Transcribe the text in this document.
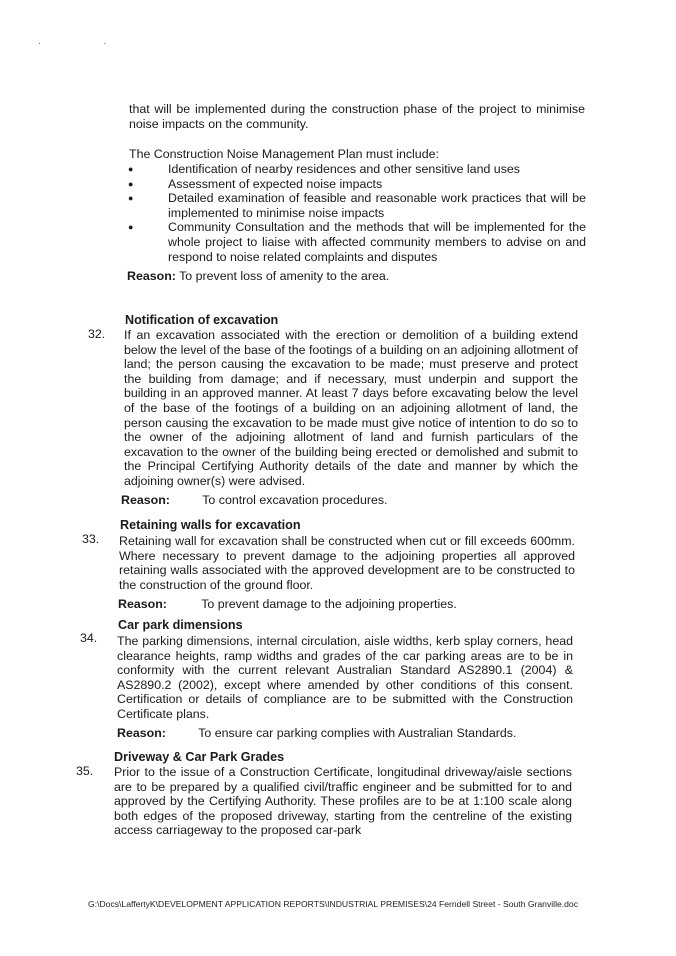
. .
that will be implemented during the construction phase of the project to minimise noise impacts on the community.
The Construction Noise Management Plan must include:
●	Identification of nearby residences and other sensitive land uses
●	Assessment of expected noise impacts
●	Detailed examination of feasible and reasonable work practices that will be implemented to minimise noise impacts
●	Community Consultation and the methods that will be implemented for the whole project to liaise with affected community members to advise on and respond to noise related complaints and disputes
Reason: To prevent loss of amenity to the area.
Notification of excavation
32. If an excavation associated with the erection or demolition of a building extend below the level of the base of the footings of a building on an adjoining allotment of land; the person causing the excavation to be made; must preserve and protect the building from damage; and if necessary, must underpin and support the building in an approved manner. At least 7 days before excavating below the level of the base of the footings of a building on an adjoining allotment of land, the person causing the excavation to be made must give notice of intention to do so to the owner of the adjoining allotment of land and furnish particulars of the excavation to the owner of the building being erected or demolished and submit to the Principal Certifying Authority details of the date and manner by which the adjoining owner(s) were advised.
Reason:	To control excavation procedures.
Retaining walls for excavation
33. Retaining wall for excavation shall be constructed when cut or fill exceeds 600mm. Where necessary to prevent damage to the adjoining properties all approved retaining walls associated with the approved development are to be constructed to the construction of the ground floor.
Reason:	To prevent damage to the adjoining properties.
Car park dimensions
34. The parking dimensions, internal circulation, aisle widths, kerb splay corners, head clearance heights, ramp widths and grades of the car parking areas are to be in conformity with the current relevant Australian Standard AS2890.1 (2004) & AS2890.2 (2002), except where amended by other conditions of this consent. Certification or details of compliance are to be submitted with the Construction Certificate plans.
Reason:	To ensure car parking complies with Australian Standards.
Driveway & Car Park Grades
35. Prior to the issue of a Construction Certificate, longitudinal driveway/aisle sections are to be prepared by a qualified civil/traffic engineer and be submitted for to and approved by the Certifying Authority. These profiles are to be at 1:100 scale along both edges of the proposed driveway, starting from the centreline of the existing access carriageway to the proposed car-park
G:\Docs\LaffertyK\DEVELOPMENT APPLICATION REPORTS\INDUSTRIAL PREMISES\24 Ferndell Street - South Granville.doc
